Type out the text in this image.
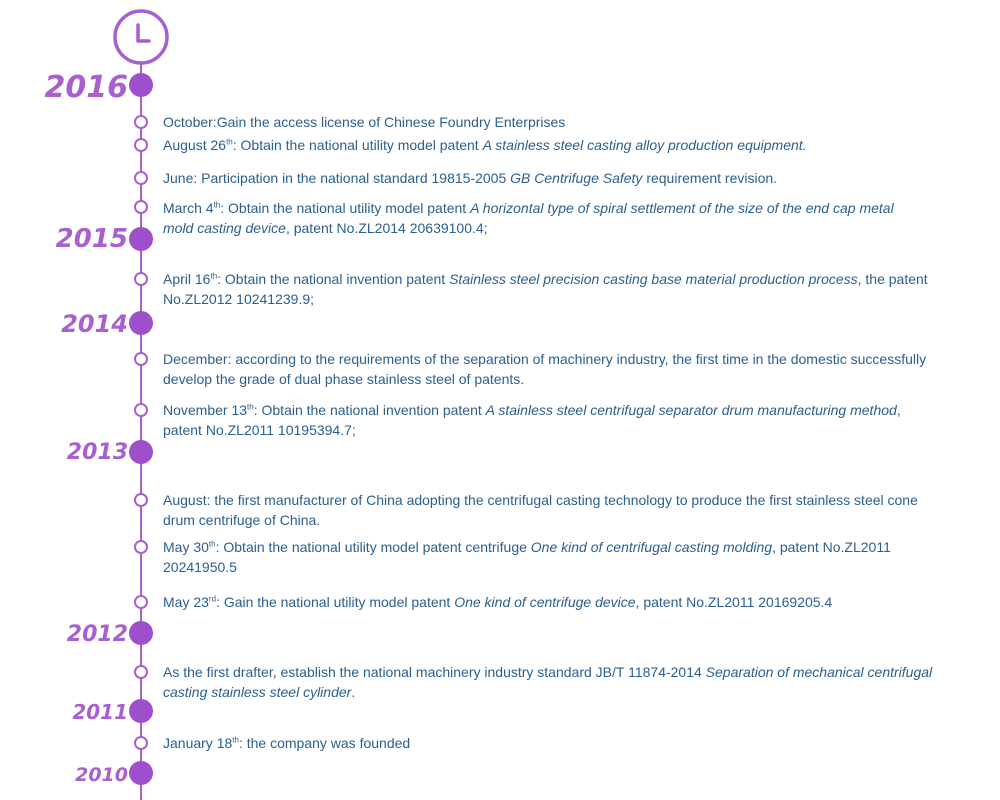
2016
2015
2014
2013
2012
2011
2010
October:Gain the access license of Chinese Foundry Enterprises
August 26th: Obtain the national utility model patent A stainless steel casting alloy production equipment.
June: Participation in the national standard 19815-2005 GB Centrifuge Safety requirement revision.
March 4th: Obtain the national utility model patent A horizontal type of spiral settlement of the size of the end cap metal mold casting device, patent No.ZL2014 20639100.4;
April 16th: Obtain the national invention patent Stainless steel precision casting base material production process, the patent No.ZL2012 10241239.9;
December: according to the requirements of the separation of machinery industry, the first time in the domestic successfully develop the grade of dual phase stainless steel of patents.
November 13th: Obtain the national invention patent A stainless steel centrifugal separator drum manufacturing method, patent No.ZL2011 10195394.7;
August: the first manufacturer of China adopting the centrifugal casting technology to produce the first stainless steel cone drum centrifuge of China.
May 30th: Obtain the national utility model patent centrifuge One kind of centrifugal casting molding, patent No.ZL2011 20241950.5
May 23rd: Gain the national utility model patent One kind of centrifuge device, patent No.ZL2011 20169205.4
As the first drafter, establish the national machinery industry standard JB/T 11874-2014 Separation of mechanical centrifugal casting stainless steel cylinder.
January 18th: the company was founded
